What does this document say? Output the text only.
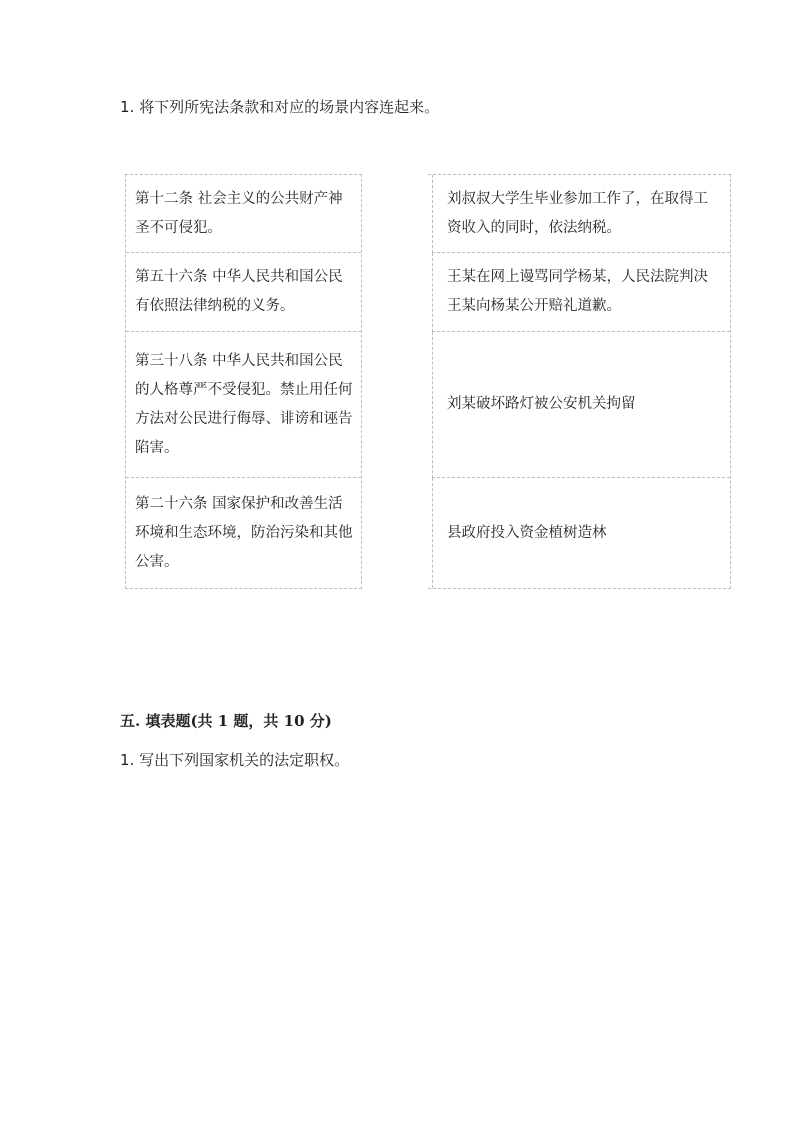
1. 将下列所宪法条款和对应的场景内容连起来。
第十二条 社会主义的公共财产神圣不可侵犯。
第五十六条 中华人民共和国公民有依照法律纳税的义务。
第三十八条 中华人民共和国公民的人格尊严不受侵犯。禁止用任何方法对公民进行侮辱、诽谤和诬告陷害。
第二十六条 国家保护和改善生活环境和生态环境，防治污染和其他公害。
刘叔叔大学生毕业参加工作了，在取得工资收入的同时，依法纳税。
王某在网上谩骂同学杨某，人民法院判决王某向杨某公开赔礼道歉。
刘某破坏路灯被公安机关拘留
县政府投入资金植树造林
五. 填表题(共 1 题，共 10 分)
1. 写出下列国家机关的法定职权。
